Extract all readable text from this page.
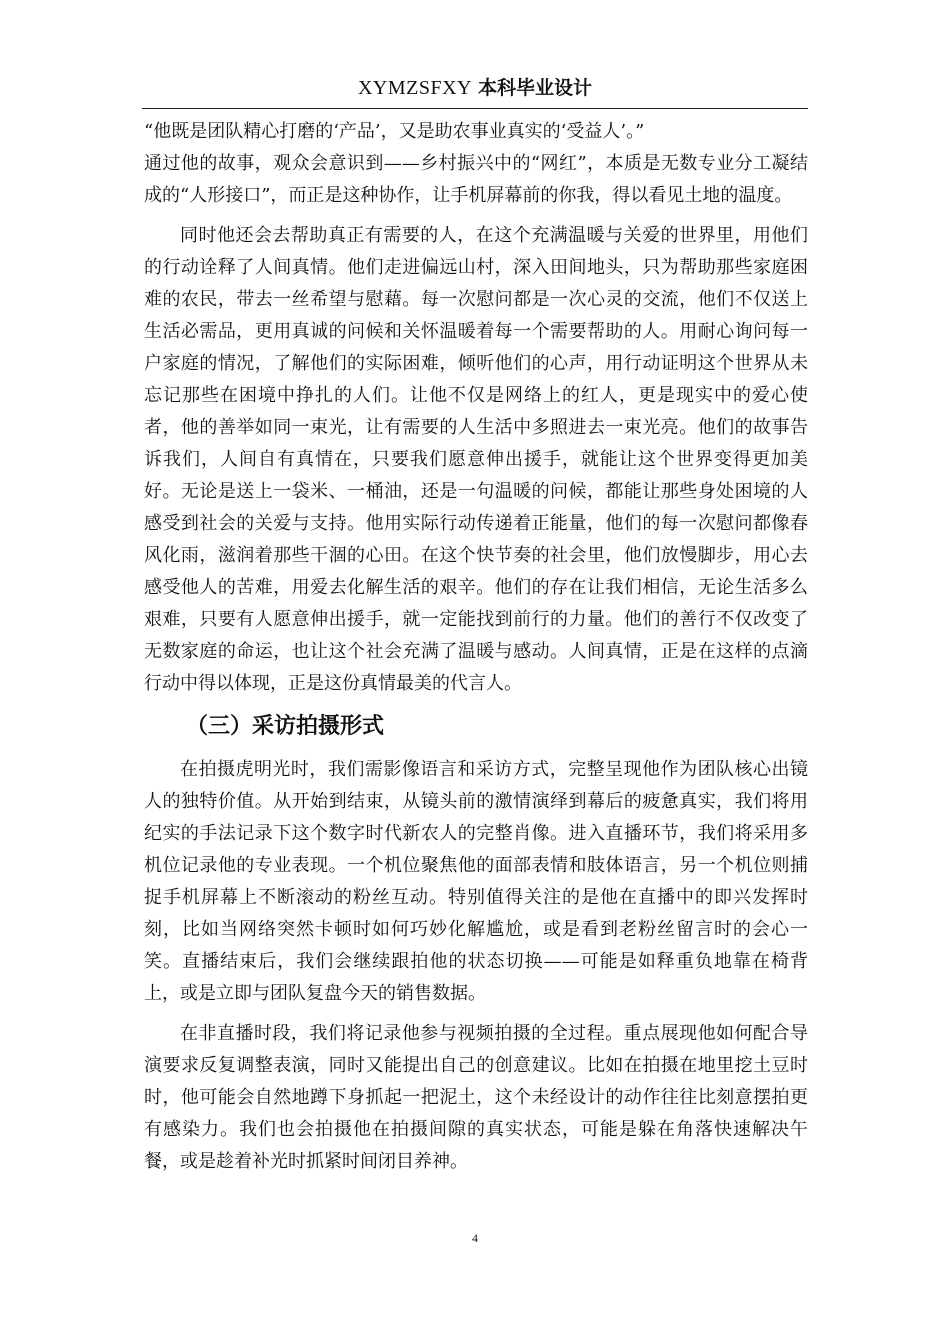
XYMZSFXY 本科毕业设计

“他既是团队精心打磨的‘产品’，又是助农事业真实的‘受益人’。”

通过他的故事，观众会意识到——乡村振兴中的“网红”，本质是无数专业分工凝结成的“人形接口”，而正是这种协作，让手机屏幕前的你我，得以看见土地的温度。

同时他还会去帮助真正有需要的人，在这个充满温暖与关爱的世界里，用他们的行动诠释了人间真情。他们走进偏远山村，深入田间地头，只为帮助那些家庭困难的农民，带去一丝希望与慰藉。每一次慰问都是一次心灵的交流，他们不仅送上生活必需品，更用真诚的问候和关怀温暖着每一个需要帮助的人。用耐心询问每一户家庭的情况，了解他们的实际困难，倾听他们的心声，用行动证明这个世界从未忘记那些在困境中挣扎的人们。让他不仅是网络上的红人，更是现实中的爱心使者，他的善举如同一束光，让有需要的人生活中多照进去一束光亮。他们的故事告诉我们，人间自有真情在，只要我们愿意伸出援手，就能让这个世界变得更加美好。无论是送上一袋米、一桶油，还是一句温暖的问候，都能让那些身处困境的人感受到社会的关爱与支持。他用实际行动传递着正能量，他们的每一次慰问都像春风化雨，滋润着那些干涸的心田。在这个快节奏的社会里，他们放慢脚步，用心去感受他人的苦难，用爱去化解生活的艰辛。他们的存在让我们相信，无论生活多么艰难，只要有人愿意伸出援手，就一定能找到前行的力量。他们的善行不仅改变了无数家庭的命运，也让这个社会充满了温暖与感动。人间真情，正是在这样的点滴行动中得以体现，正是这份真情最美的代言人。

（三）采访拍摄形式

在拍摄虎明光时，我们需影像语言和采访方式，完整呈现他作为团队核心出镜人的独特价值。从开始到结束，从镜头前的激情演绎到幕后的疲惫真实，我们将用纪实的手法记录下这个数字时代新农人的完整肖像。进入直播环节，我们将采用多机位记录他的专业表现。一个机位聚焦他的面部表情和肢体语言，另一个机位则捕捉手机屏幕上不断滚动的粉丝互动。特别值得关注的是他在直播中的即兴发挥时刻，比如当网络突然卡顿时如何巧妙化解尴尬，或是看到老粉丝留言时的会心一笑。直播结束后，我们会继续跟拍他的状态切换——可能是如释重负地靠在椅背上，或是立即与团队复盘今天的销售数据。

在非直播时段，我们将记录他参与视频拍摄的全过程。重点展现他如何配合导演要求反复调整表演，同时又能提出自己的创意建议。比如在拍摄在地里挖土豆时时，他可能会自然地蹲下身抓起一把泥土，这个未经设计的动作往往比刻意摆拍更有感染力。我们也会拍摄他在拍摄间隙的真实状态，可能是躲在角落快速解决午餐，或是趁着补光时抓紧时间闭目养神。

4
